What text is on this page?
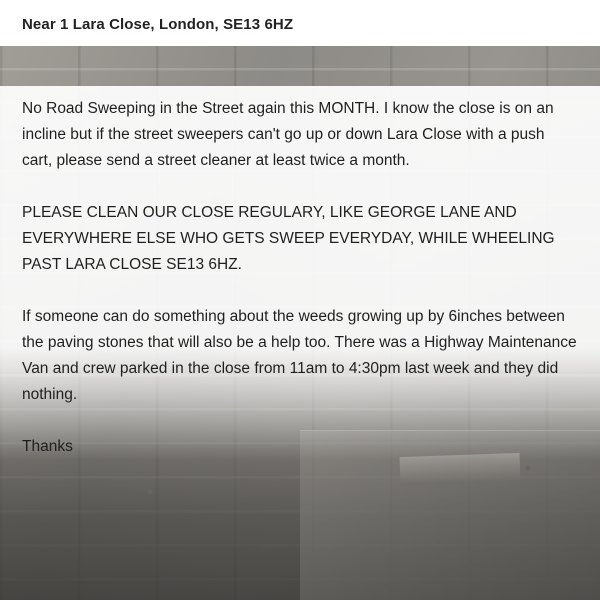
Near 1 Lara Close, London, SE13 6HZ

No Road Sweeping in the Street again this MONTH. I know the close is on an incline but if the street sweepers can't go up or down Lara Close with a push cart, please send a street cleaner at least twice a month.

PLEASE CLEAN OUR CLOSE REGULARY, LIKE GEORGE LANE AND EVERYWHERE ELSE WHO GETS SWEEP EVERYDAY, WHILE WHEELING PAST LARA CLOSE SE13 6HZ.

If someone can do something about the weeds growing up by 6inches between the paving stones that will also be a help too. There was a Highway Maintenance Van and crew parked in the close from 11am to 4:30pm last week and they did nothing.

Thanks
